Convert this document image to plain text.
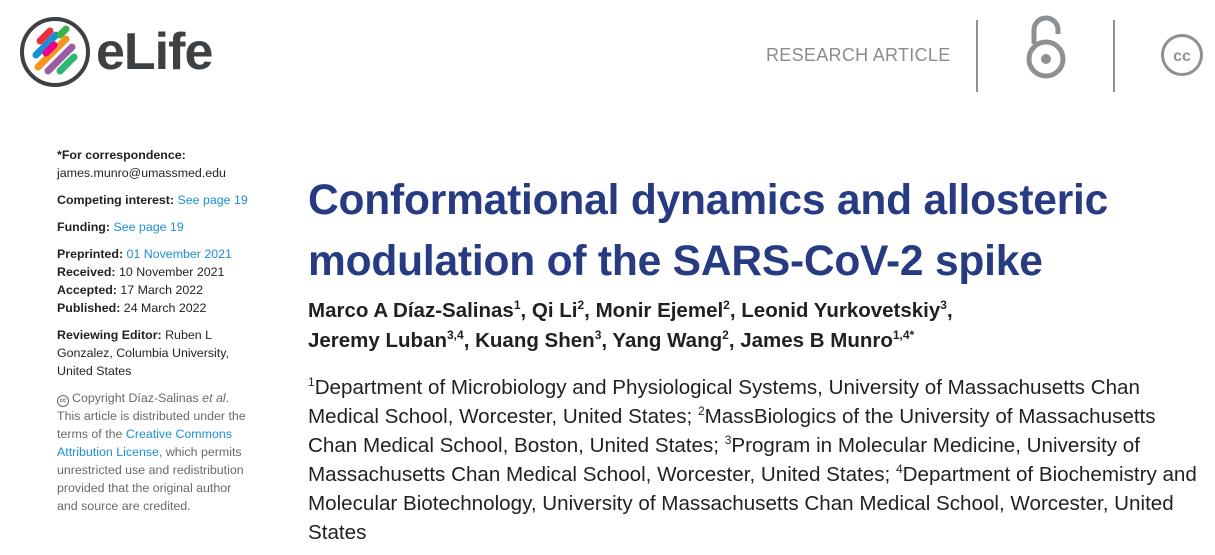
eLife	RESEARCH ARTICLE	cc
*For correspondence:
james.munro@umassmed.edu
Competing interest: See page 19
Funding: See page 19
Preprinted: 01 November 2021
Received: 10 November 2021
Accepted: 17 March 2022
Published: 24 March 2022
Reviewing Editor: Ruben L Gonzalez, Columbia University, United States
cc Copyright Díaz-Salinas et al. This article is distributed under the terms of the Creative Commons Attribution License, which permits unrestricted use and redistribution provided that the original author and source are credited.
Conformational dynamics and allosteric modulation of the SARS-CoV-2 spike
Marco A Díaz-Salinas$^1$, Qi Li$^2$, Monir Ejemel$^2$, Leonid Yurkovetskiy$^3$,
Jeremy Luban$^{3,4}$, Kuang Shen$^3$, Yang Wang$^2$, James B Munro$^{1,4*}$
$^1$Department of Microbiology and Physiological Systems, University of Massachusetts Chan Medical School, Worcester, United States; $^2$MassBiologics of the University of Massachusetts Chan Medical School, Boston, United States; $^3$Program in Molecular Medicine, University of Massachusetts Chan Medical School, Worcester, United States; $^4$Department of Biochemistry and Molecular Biotechnology, University of Massachusetts Chan Medical School, Worcester, United States
